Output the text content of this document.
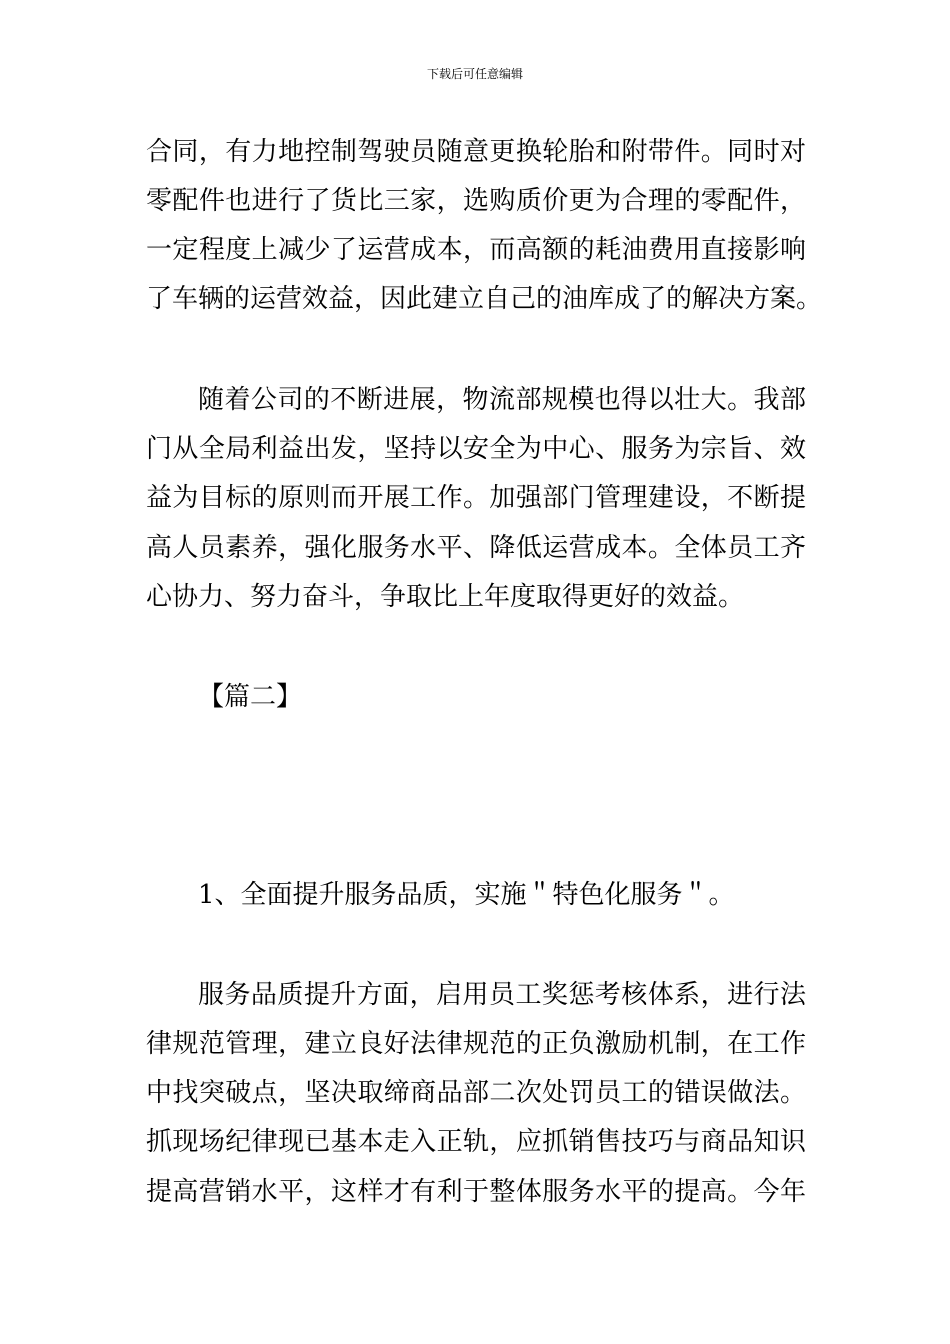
下载后可任意编辑
合同，有力地控制驾驶员随意更换轮胎和附带件。同时对
零配件也进行了货比三家，选购质价更为合理的零配件，
一定程度上减少了运营成本，而高额的耗油费用直接影响
了车辆的运营效益，因此建立自己的油库成了的解决方案。
随着公司的不断进展，物流部规模也得以壮大。我部
门从全局利益出发，坚持以安全为中心、服务为宗旨、效
益为目标的原则而开展工作。加强部门管理建设，不断提
高人员素养，强化服务水平、降低运营成本。全体员工齐
心协力、努力奋斗，争取比上年度取得更好的效益。
【篇二】
1、全面提升服务品质，实施＂特色化服务＂。
服务品质提升方面，启用员工奖惩考核体系，进行法
律规范管理，建立良好法律规范的正负激励机制，在工作
中找突破点，坚决取缔商品部二次处罚员工的错误做法。
抓现场纪律现已基本走入正轨，应抓销售技巧与商品知识
提高营销水平，这样才有利于整体服务水平的提高。今年
